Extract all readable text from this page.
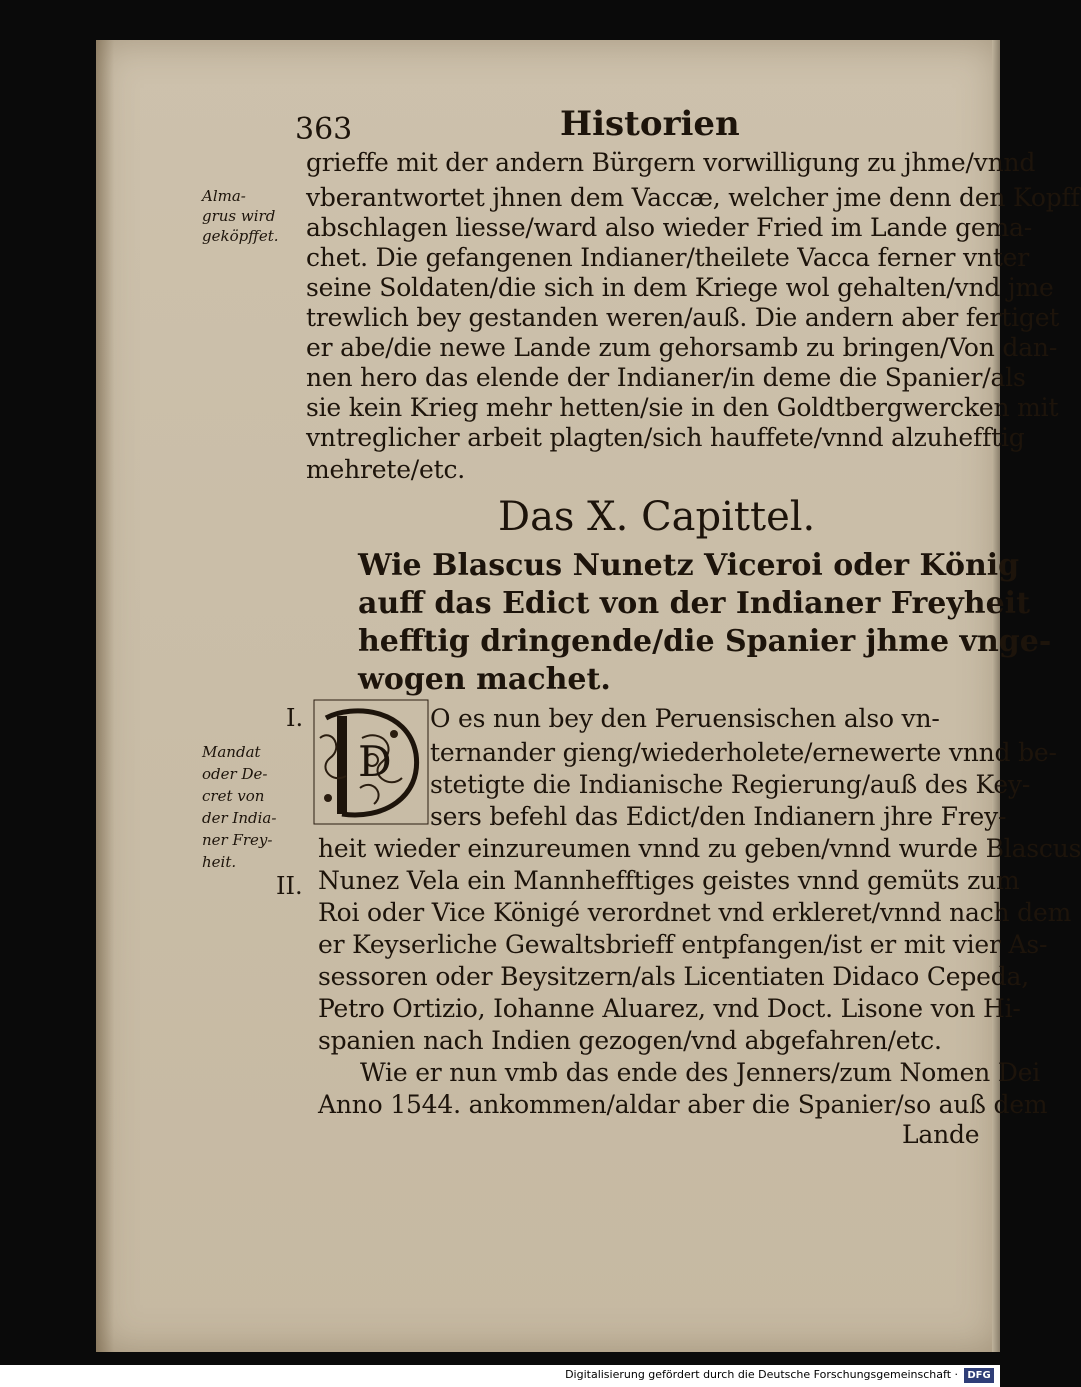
363	Historien
grieffe mit der andern Bürgern vorwilligung zu jhme/vnnd
vberantwortet jhnen dem Vaccæ, welcher jme denn den Kopff
abschlagen liesse/ward also wieder Fried im Lande gema-
chet. Die gefangenen Indianer/theilete Vacca ferner vnter
seine Soldaten/die sich in dem Kriege wol gehalten/vnd jme
trewlich bey gestanden weren/auß. Die andern aber fertiget
er abe/die newe Lande zum gehorsamb zu bringen/Von dan-
nen hero das elende der Indianer/in deme die Spanier/als
sie kein Krieg mehr hetten/sie in den Goldtbergwercken mit
vntreglicher arbeit plagten/sich hauffete/vnnd alzuhefftig
mehrete/etc.
Alma-
grus wird
geköpffet.
Das X. Capittel.
Wie Blascus Nunetz Viceroi oder König
auff das Edict von der Indianer Freyheit
hefftig dringende/die Spanier jhme vnge-
wogen machet.
I.
II.
Mandat
oder De-
cret von
der India-
ner Frey-
heit.
D
O es nun bey den Peruensischen also vn-
ternander gieng/wiederholete/ernewerte vnnd be-
stetigte die Indianische Regierung/auß des Key-
sers befehl das Edict/den Indianern jhre Frey-
heit wieder einzureumen vnnd zu geben/vnnd wurde Blascus
Nunez Vela ein Mannhefftiges geistes vnnd gemüts zum
Roi oder Vice Königé verordnet vnd erkleret/vnnd nach dem
er Keyserliche Gewaltsbrieff entpfangen/ist er mit vier As-
sessoren oder Beysitzern/als Licentiaten Didaco Cepeda,
Petro Ortizio, Iohanne Aluarez, vnd Doct. Lisone von Hi-
spanien nach Indien gezogen/vnd abgefahren/etc.
Wie er nun vmb das ende des Jenners/zum Nomen Dei
Anno 1544. ankommen/aldar aber die Spanier/so auß dem
Lande
Digitalisierung gefördert durch die Deutsche Forschungsgemeinschaft · DFG
